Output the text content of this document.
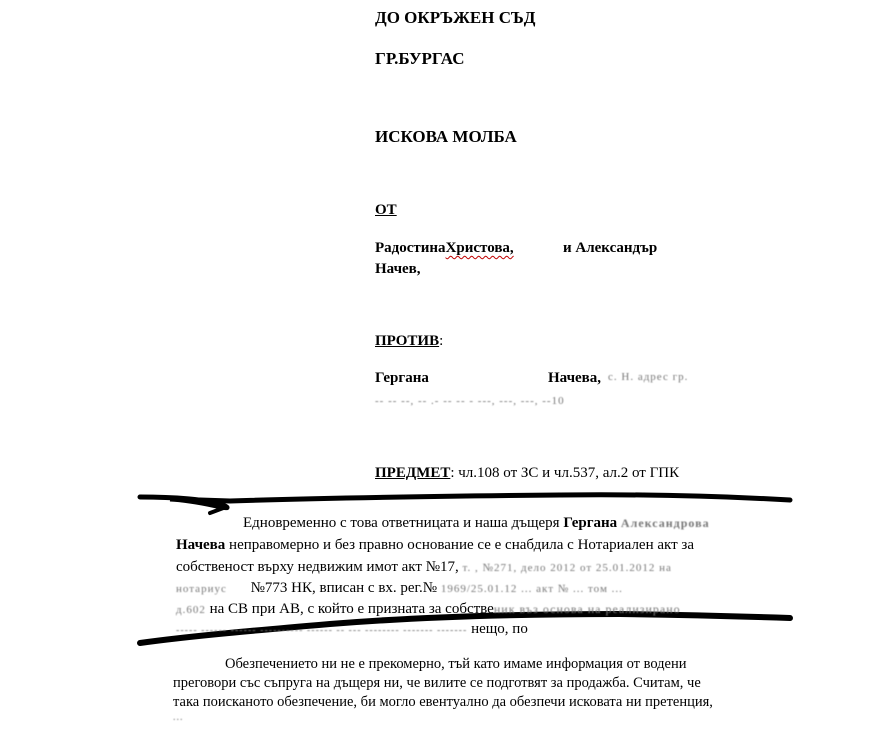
ДО ОКРЪЖЕН СЪД
ГР.БУРГАС
ИСКОВА МОЛБА
ОТ
РадостинаХристова,	и Александър
Начев,
ПРОТИВ:
Гергана	Начева, с. Н. адрес гр.
-- -- --, -- .- -- -- - ---, ---, ---, --10
ПРЕДМЕТ: чл.108 от ЗС и чл.537, ал.2 от ГПК
Едновременно с това ответницата и наша дъщеря Гергана Александрова
Начева неправомерно и без правно основание се е снабдила с Нотариален акт за
собственост върху недвижим имот акт №17, т. , №271, дело 2012 от 25.01.2012 на
нотариус №773 НК, вписан с вх. рег.№ 1969/25.01.12 ... акт № ... том ...
д.602 на СВ при АВ, с който е призната за собственик въз основа на реализирано
----- ------ ------ ---------- ------ -- --- -------- ------- ------- нещо, по
Обезпечението ни не е прекомерно, тъй като имаме информация от водени
преговори със съпруга на дъщеря ни, че вилите се подготвят за продажба. Считам, че
така поисканото обезпечение, би могло евентуално да обезпечи исковата ни претенция,
...
